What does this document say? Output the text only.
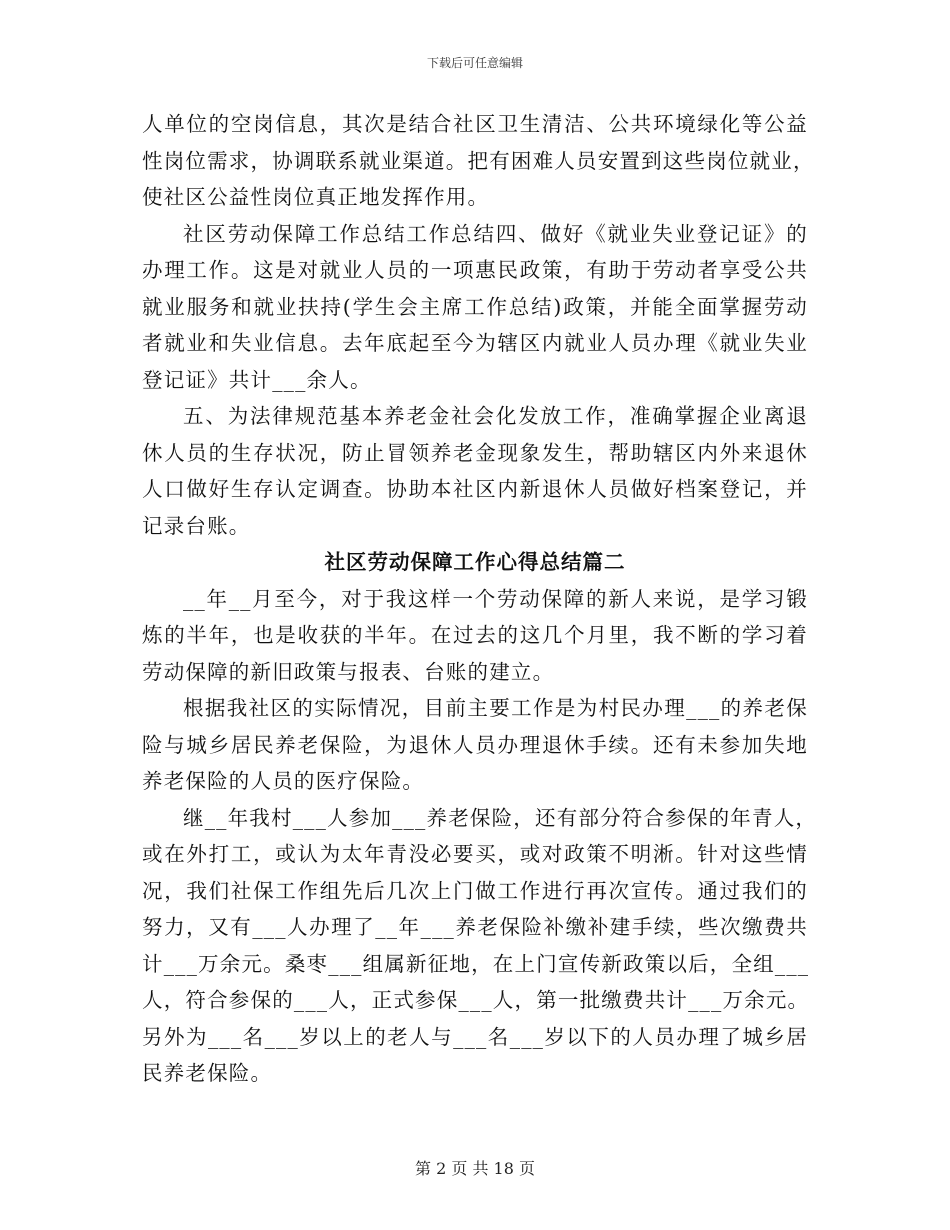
下载后可任意编辑
人单位的空岗信息，其次是结合社区卫生清洁、公共环境绿化等公益
性岗位需求，协调联系就业渠道。把有困难人员安置到这些岗位就业，
使社区公益性岗位真正地发挥作用。
社区劳动保障工作总结工作总结四、做好《就业失业登记证》的
办理工作。这是对就业人员的一项惠民政策，有助于劳动者享受公共
就业服务和就业扶持(学生会主席工作总结)政策，并能全面掌握劳动
者就业和失业信息。去年底起至今为辖区内就业人员办理《就业失业
登记证》共计___余人。
五、为法律规范基本养老金社会化发放工作，准确掌握企业离退
休人员的生存状况，防止冒领养老金现象发生，帮助辖区内外来退休
人口做好生存认定调查。协助本社区内新退休人员做好档案登记，并
记录台账。
社区劳动保障工作心得总结篇二
__年__月至今，对于我这样一个劳动保障的新人来说，是学习锻
炼的半年，也是收获的半年。在过去的这几个月里，我不断的学习着
劳动保障的新旧政策与报表、台账的建立。
根据我社区的实际情况，目前主要工作是为村民办理___的养老保
险与城乡居民养老保险，为退休人员办理退休手续。还有未参加失地
养老保险的人员的医疗保险。
继__年我村___人参加___养老保险，还有部分符合参保的年青人，
或在外打工，或认为太年青没必要买，或对政策不明淅。针对这些情
况，我们社保工作组先后几次上门做工作进行再次宣传。通过我们的
努力，又有___人办理了__年___养老保险补缴补建手续，些次缴费共
计___万余元。桑枣___组属新征地，在上门宣传新政策以后，全组___
人，符合参保的___人，正式参保___人，第一批缴费共计___万余元。
另外为___名___岁以上的老人与___名___岁以下的人员办理了城乡居
民养老保险。
第 2 页 共 18 页
